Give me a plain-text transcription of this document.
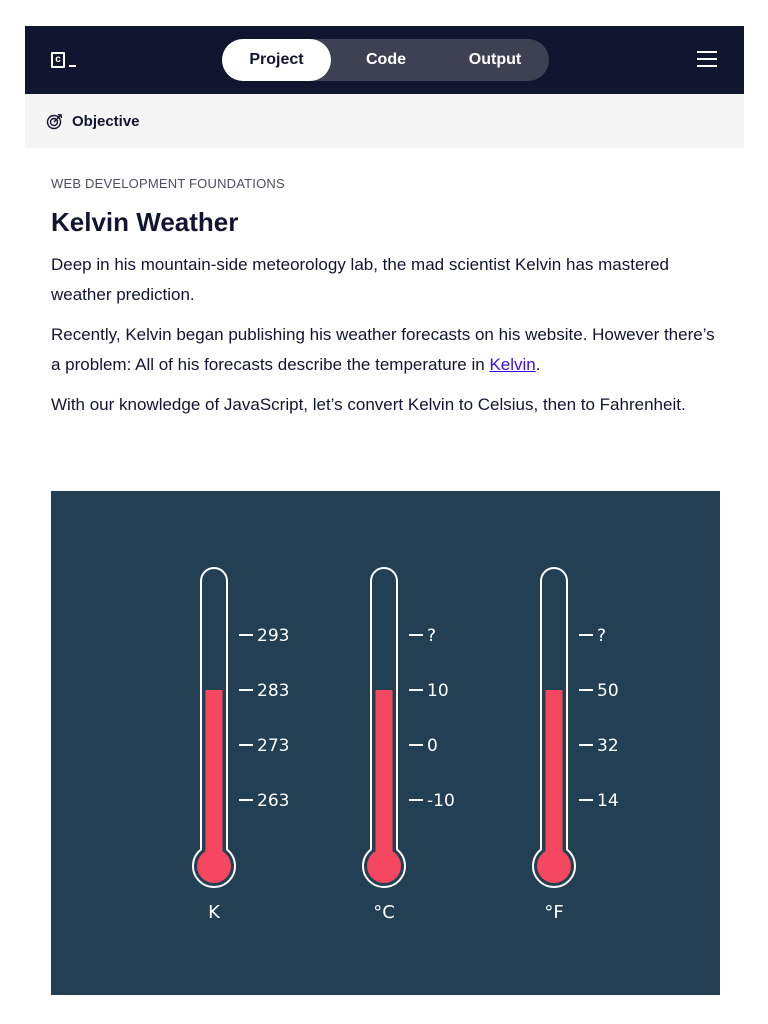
c	Project	Code	Output
Objective
WEB DEVELOPMENT FOUNDATIONS
Kelvin Weather

Deep in his mountain-side meteorology lab, the mad scientist Kelvin has mastered weather prediction.

Recently, Kelvin began publishing his weather forecasts on his website. However there’s a problem: All of his forecasts describe the temperature in Kelvin.

With our knowledge of JavaScript, let’s convert Kelvin to Celsius, then to Fahrenheit.

293
283
273
263
K
?
10
0
-10
°C
?
50
32
14
°F
